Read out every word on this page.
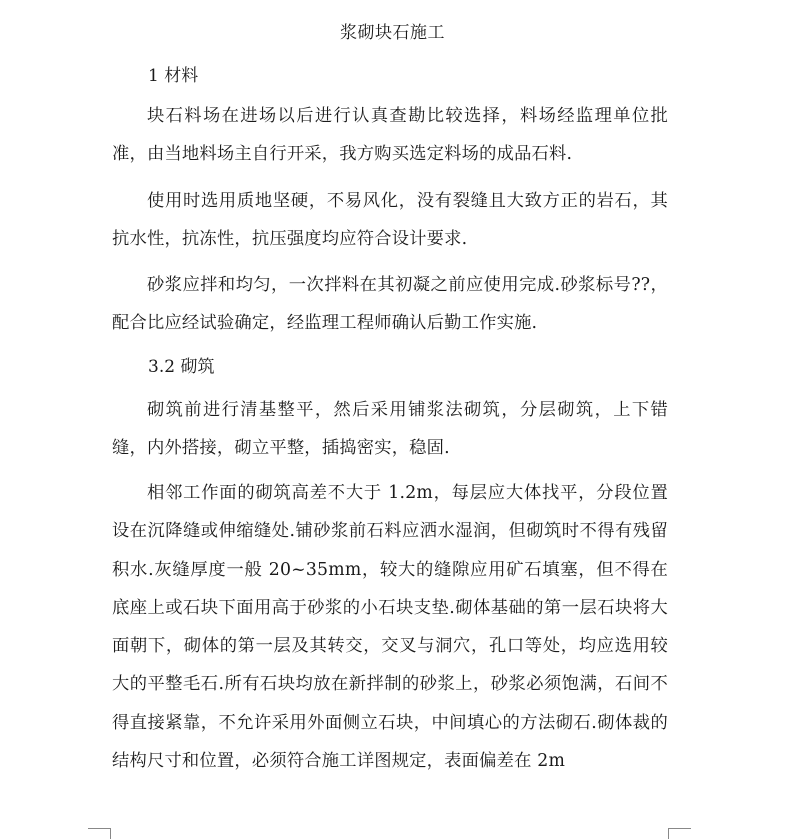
浆砌块石施工
1 材料

块石料场在进场以后进行认真查勘比较选择，料场经监理单位批准，由当地料场主自行开采，我方购买选定料场的成品石料.

使用时选用质地坚硬，不易风化，没有裂缝且大致方正的岩石，其抗水性，抗冻性，抗压强度均应符合设计要求.

砂浆应拌和均匀，一次拌料在其初凝之前应使用完成.砂浆标号??，配合比应经试验确定，经监理工程师确认后勤工作实施.

3.2 砌筑

砌筑前进行清基整平，然后采用铺浆法砌筑，分层砌筑，上下错缝，内外搭接，砌立平整，插捣密实，稳固.

相邻工作面的砌筑高差不大于 1.2m，每层应大体找平，分段位置设在沉降缝或伸缩缝处.铺砂浆前石料应洒水湿润，但砌筑时不得有残留积水.灰缝厚度一般 20~35mm，较大的缝隙应用矿石填塞，但不得在底座上或石块下面用高于砂浆的小石块支垫.砌体基础的第一层石块将大面朝下，砌体的第一层及其转交，交叉与洞穴，孔口等处，均应选用较大的平整毛石.所有石块均放在新拌制的砂浆上，砂浆必须饱满，石间不得直接紧靠，不允许采用外面侧立石块，中间填心的方法砌石.砌体裁的结构尺寸和位置，必须符合施工详图规定，表面偏差在 2m
